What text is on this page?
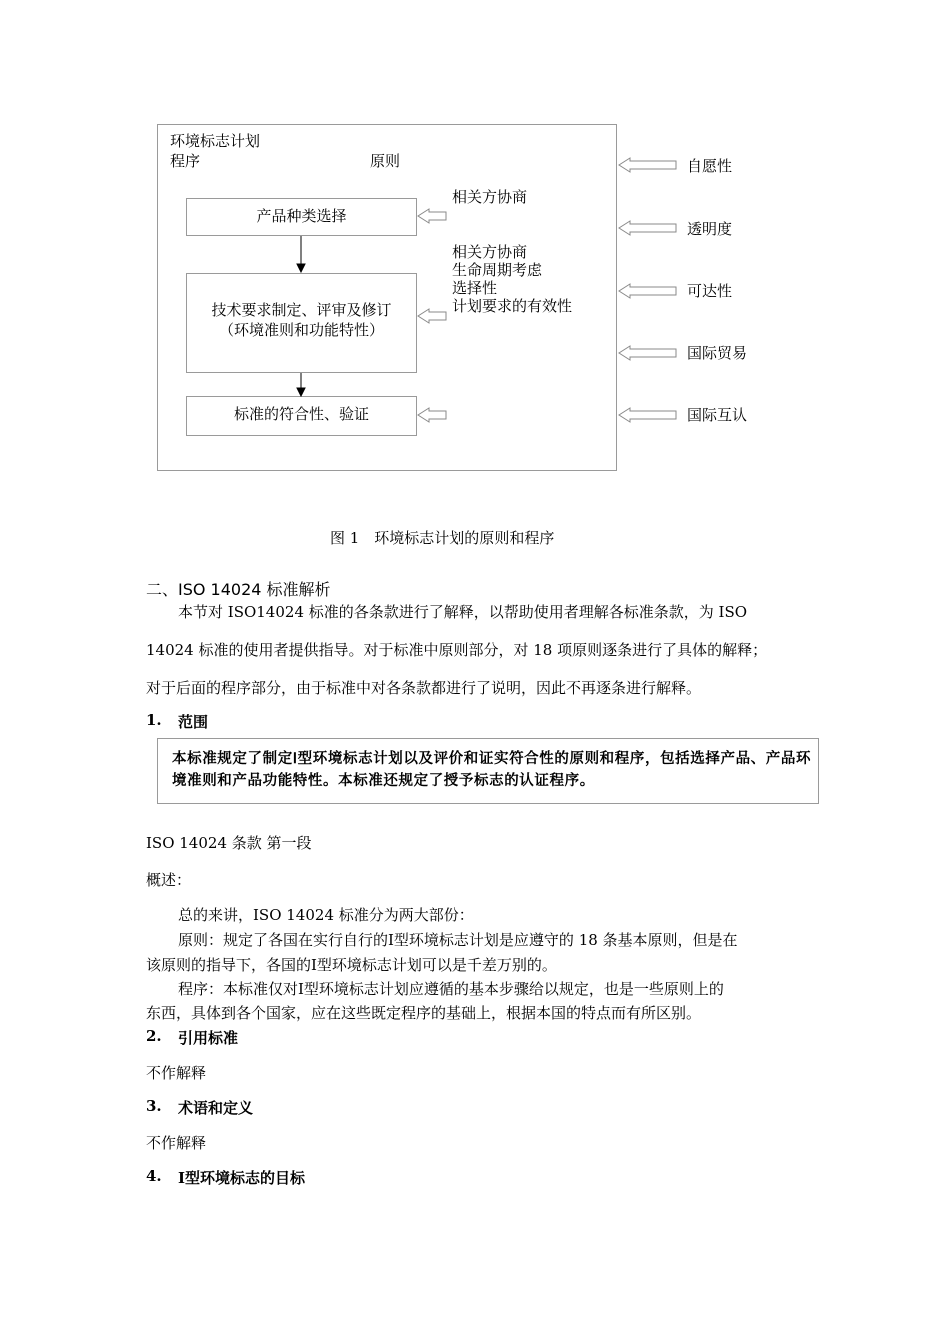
环境标志计划
程序	原则
产品种类选择
技术要求制定、评审及修订
（环境准则和功能特性）
标准的符合性、验证
相关方协商
相关方协商
生命周期考虑
选择性
计划要求的有效性
自愿性
透明度
可达性
国际贸易
国际互认
图 1　环境标志计划的原则和程序
二、ISO 14024 标准解析
本节对 ISO14024 标准的各条款进行了解释，以帮助使用者理解各标准条款，为 ISO
14024 标准的使用者提供指导。对于标准中原则部分，对 18 项原则逐条进行了具体的解释；
对于后面的程序部分，由于标准中对各条款都进行了说明，因此不再逐条进行解释。
1. 范围
本标准规定了制定Ⅰ型环境标志计划以及评价和证实符合性的原则和程序，包括选择产品、产品环境准则和产品功能特性。本标准还规定了授予标志的认证程序。
ISO 14024 条款 第一段
概述：
总的来讲，ISO 14024 标准分为两大部份：
原则：规定了各国在实行自行的Ⅰ型环境标志计划是应遵守的 18 条基本原则，但是在
该原则的指导下，各国的Ⅰ型环境标志计划可以是千差万别的。
程序：本标准仅对Ⅰ型环境标志计划应遵循的基本步骤给以规定，也是一些原则上的
东西，具体到各个国家，应在这些既定程序的基础上，根据本国的特点而有所区别。
2. 引用标准
不作解释
3. 术语和定义
不作解释
4. Ⅰ型环境标志的目标
